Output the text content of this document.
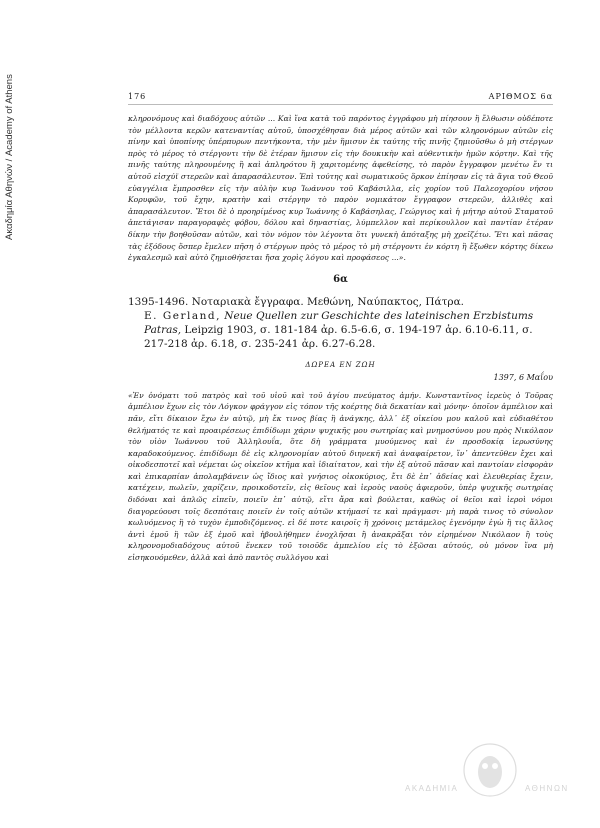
Ακαδημία Αθηνών / Academy of Athens	176	ΑΡΙΘΜΟΣ 6α

κληρονόμους καὶ διαδόχους αὐτῶν ... Καὶ ἵνα κατὰ τοῦ παρόντος ἐγγράφου μὴ πίησουν ἢ ἔλθωσιν οὐδέποτε τὸν μέλλοντα κερῶν κατεναντίας αὐτοῦ, ὑποσχέθησαν διὰ μέρος αὐτῶν καὶ τῶν κληρονόμων αὐτῶν εἰς πίνην καὶ ὑποπίνης ὑπέρπυρων πεντήκοντα, τὴν μὲν ἥμισυν ἐκ ταύτης τῆς πινῆς ζημιοῦσθω ὁ μὴ στέργων πρὸς τὸ μέρος τὸ στέργοντι τὴν δὲ ἑτέραν ἥμισυν εἰς τὴν δουκικὴν καὶ αὐθεντικὴν ἡμῶν κόρτην. Καὶ τῆς πινῆς ταύτης πληρουμένης ἢ καὶ ἀπληρότου ἢ χαριτομένης ἀφεθείσης, τὸ παρὸν ἔγγραφον μενέτω ἔν τι αὐτοῦ εἰσχύϊ στερεῶν καὶ ἀπαρασάλευτον. Ἐπὶ τούτης καὶ σωματικοῦς ὅρκον ἐπίησαν εἰς τὰ ἅγια τοῦ Θεοῦ εὐαγγέλια ἔμπροσθεν εἰς τὴν αὐλὴν κυρ Ἰωάννου τοῦ Καβάσιλλα, εἰς χορίον τοῦ Παλεοχορίου νήσου Κορυφῶν, τοῦ ἔχην, κρατὴν καὶ στέργην τὸ παρὸν νομικάτον ἔγγραφον στερεῶν, ἀλλιθὲς καὶ ἀπαρασάλευτον. Ἔτοι δὲ ὁ προηρίμένος κυρ Ἰωάννης ὁ Καβάσηλας, Γεώργιος καὶ ἡ μήτηρ αὐτοῦ Σταματοῦ ἀπετάγισαν παραγοραφὲς φόβου, δόλου καὶ δηναστίας, λύμπελλον καὶ περίκουλλον καὶ παντίαν ἑτέραν δίκην τὴν βοηθοῦσαν αὐτῶν, καὶ τὸν νόμον τὸν λέγοντα ὅτι γυνεκὴ ἀπόταξης μὴ χρεῖζέτω. Ἔτι καὶ πᾶσας τὰς ἐξόδους ὅσπερ ἔμελεν πῆση ὁ στέργων πρὸς τὸ μέρος τὸ μὴ στέργοντι ἐν κόρτη ἢ ἔξωθεν κόρτης δίκεω ἐγκαλεσμῶ καὶ αὐτὸ ζημιοθήσεται ἤσα χορὶς λόγου καὶ προφάσεος ...».

6α

1395-1496. Νοταριακὰ ἔγγραφα. Μεθώνη, Ναύπακτος, Πάτρα.

E. Gerland, Neue Quellen zur Geschichte des lateinischen Erzbistums Patras, Leipzig 1903, σ. 181-184 ἀρ. 6.5-6.6, σ. 194-197 ἀρ. 6.10-6.11, σ. 217-218 ἀρ. 6.18, σ. 235-241 ἀρ. 6.27-6.28.

ΔΩΡΕΑ ΕΝ ΖΩΗ
1397, 6 Μαΐου

«Ἐν ὀνόματι τοῦ πατρὸς καὶ τοῦ υἱοῦ καὶ τοῦ ἁγίου πνεύματος ἀμήν. Κωνσταντῖνος ἱερεὺς ὁ Τοῦρας ἀμπέλιον ἔχων εἰς τὸν Λόγκον φράγγον εἰς τόπον τῆς κοέρτης διὰ δεκατίαν καὶ μόνην· ὁποῖον ἀμπέλιον καὶ πᾶν, εἴτι δίκαιον ἔχω ἐν αὐτῷ, μὴ ἔκ τινος βίας ἢ ἀνάγκης, ἀλλ᾽ ἐξ οἰκείου μου καλοῦ καὶ εὐδιαθέτου θελήματός τε καὶ προαιρέσεως ἐπιδίδωμι χάριν ψυχικῆς μου σωτηρίας καὶ μνημοσύνου μου πρὸς Νικόλαον τὸν υἱὸν Ἰωάννου τοῦ Ἀλληλουΐα, ὅτε δὴ γράμματα μυούμενος καὶ ἐν προσδοκίᾳ ἱερωσύνης καραδοκούμενος. ἐπιδίδωμι δὲ εἰς κληρονομίαν αὐτοῦ διηνεκῆ καὶ ἀναφαίρετον, ἵν᾽ ἀπεντεῦθεν ἔχει καὶ οἰκοδεσποτεῖ καὶ νέμεται ὡς οἰκεῖον κτῆμα καὶ ἰδιαίτατον, καὶ τὴν ἐξ αὐτοῦ πᾶσαν καὶ παντοίαν εἰσφορὰν καὶ ἐπικαρπίαν ἀπολαμβάνειν ὡς ἴδιος καὶ γνήσιος οἰκοκύριος, ἔτι δὲ ἐπ᾽ ἀδείας καὶ ἐλευθερίας ἔχειν, κατέχειν, πωλεῖν, χαρίζειν, προικοδοτεῖν, εἰς θεῖους καὶ ἱεροὺς ναοὺς ἀφιεροῦν, ὑπὲρ ψυχικῆς σωτηρίας διδόναι καὶ ἁπλῶς εἰπεῖν, ποιεῖν ἐπ᾽ αὐτῷ, εἴτι ἄρα καὶ βούλεται, καθὼς οἱ θεῖοι καὶ ἱεροὶ νόμοι διαγορεύουσι τοῖς δεσπόταις ποιεῖν ἐν τοῖς αὐτῶν κτήμασί τε καὶ πράγμασι· μὴ παρὰ τινος τὸ σύνολον κωλυόμενος ἢ τὸ τυχὸν ἐμποδιζόμενος. εἰ δέ ποτε καιροῖς ἢ χρόνοις μετάμελος ἐγενόμην ἐγὼ ἢ τις ἄλλος ἀντὶ ἐμοῦ ἢ τῶν ἐξ ἐμοῦ καὶ ἠβουλήθημεν ἐνοχλῆσαι ἢ ἀνακρᾶξαι τὸν εἰρημένον Νικόλαον ἢ τοὺς κληρονομοδιαδόχους αὐτοῦ ἕνεκεν τοῦ τοιοῦδε ἀμπελίου εἰς τὸ ἐξῶσαι αὐτούς, οὐ μόνον ἵνα μὴ εἰσηκουόμεθεν, ἀλλὰ καὶ ἀπὸ παντὸς συλλόγου καὶ

ΑΚΑΔΗΜΙΑ	ΑΘΗΝΩΝ
